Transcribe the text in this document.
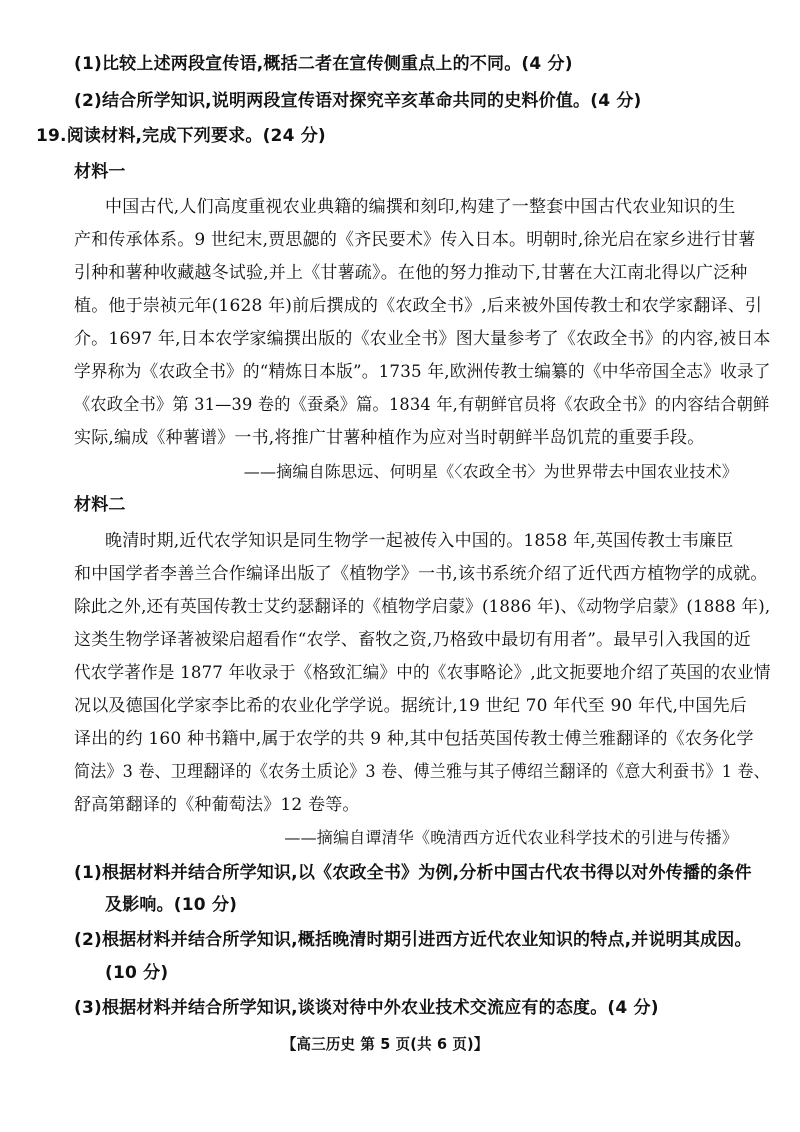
(1)比较上述两段宣传语,概括二者在宣传侧重点上的不同。(4 分)
(2)结合所学知识,说明两段宣传语对探究辛亥革命共同的史料价值。(4 分)
19.阅读材料,完成下列要求。(24 分)
材料一
中国古代,人们高度重视农业典籍的编撰和刻印,构建了一整套中国古代农业知识的生
产和传承体系。9 世纪末,贾思勰的《齐民要术》传入日本。明朝时,徐光启在家乡进行甘薯
引种和薯种收藏越冬试验,并上《甘薯疏》。在他的努力推动下,甘薯在大江南北得以广泛种
植。他于崇祯元年(1628 年)前后撰成的《农政全书》,后来被外国传教士和农学家翻译、引
介。1697 年,日本农学家编撰出版的《农业全书》图大量参考了《农政全书》的内容,被日本
学界称为《农政全书》的“精炼日本版”。1735 年,欧洲传教士编纂的《中华帝国全志》收录了
《农政全书》第 31—39 卷的《蚕桑》篇。1834 年,有朝鲜官员将《农政全书》的内容结合朝鲜
实际,编成《种薯谱》一书,将推广甘薯种植作为应对当时朝鲜半岛饥荒的重要手段。
——摘编自陈思远、何明星《〈农政全书〉为世界带去中国农业技术》
材料二
晚清时期,近代农学知识是同生物学一起被传入中国的。1858 年,英国传教士韦廉臣
和中国学者李善兰合作编译出版了《植物学》一书,该书系统介绍了近代西方植物学的成就。
除此之外,还有英国传教士艾约瑟翻译的《植物学启蒙》(1886 年)、《动物学启蒙》(1888 年),
这类生物学译著被梁启超看作“农学、畜牧之资,乃格致中最切有用者”。最早引入我国的近
代农学著作是 1877 年收录于《格致汇编》中的《农事略论》,此文扼要地介绍了英国的农业情
况以及德国化学家李比希的农业化学学说。据统计,19 世纪 70 年代至 90 年代,中国先后
译出的约 160 种书籍中,属于农学的共 9 种,其中包括英国传教士傅兰雅翻译的《农务化学
简法》3 卷、卫理翻译的《农务土质论》3 卷、傅兰雅与其子傅绍兰翻译的《意大利蚕书》1 卷、
舒高第翻译的《种葡萄法》12 卷等。
——摘编自谭清华《晚清西方近代农业科学技术的引进与传播》
(1)根据材料并结合所学知识,以《农政全书》为例,分析中国古代农书得以对外传播的条件
及影响。(10 分)
(2)根据材料并结合所学知识,概括晚清时期引进西方近代农业知识的特点,并说明其成因。
(10 分)
(3)根据材料并结合所学知识,谈谈对待中外农业技术交流应有的态度。(4 分)
【高三历史 第 5 页(共 6 页)】
